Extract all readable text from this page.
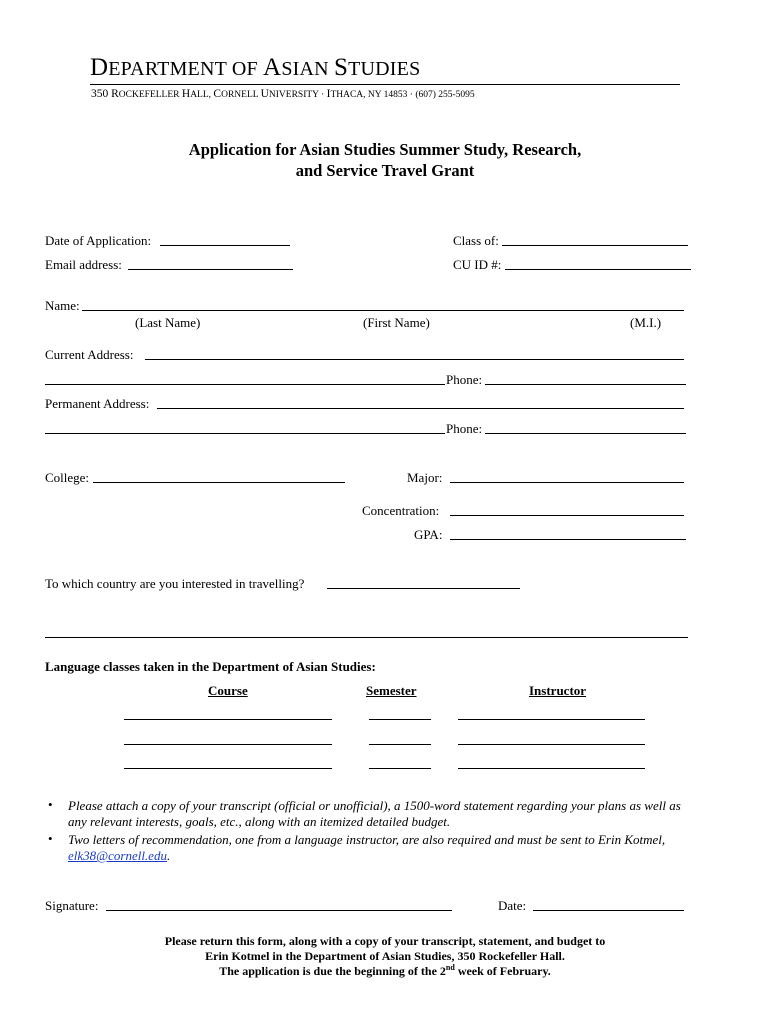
DEPARTMENT OF ASIAN STUDIES
350 ROCKEFELLER HALL, CORNELL UNIVERSITY · ITHACA, NY 14853 · (607) 255-5095
Application for Asian Studies Summer Study, Research,
and Service Travel Grant
Date of Application:	Class of:
Email address:	CU ID #:
Name:
(Last Name)	(First Name)	(M.I.)
Current Address:
Phone:
Permanent Address:
Phone:
College:	Major:
Concentration:
GPA:
To which country are you interested in travelling?
Language classes taken in the Department of Asian Studies:
Course	Semester	Instructor
• Please attach a copy of your transcript (official or unofficial), a 1500-word statement regarding your plans as well as
any relevant interests, goals, etc., along with an itemized detailed budget.
• Two letters of recommendation, one from a language instructor, are also required and must be sent to Erin Kotmel,
elk38@cornell.edu.
Signature:	Date:
Please return this form, along with a copy of your transcript, statement, and budget to
Erin Kotmel in the Department of Asian Studies, 350 Rockefeller Hall.
The application is due the beginning of the 2nd week of February.
